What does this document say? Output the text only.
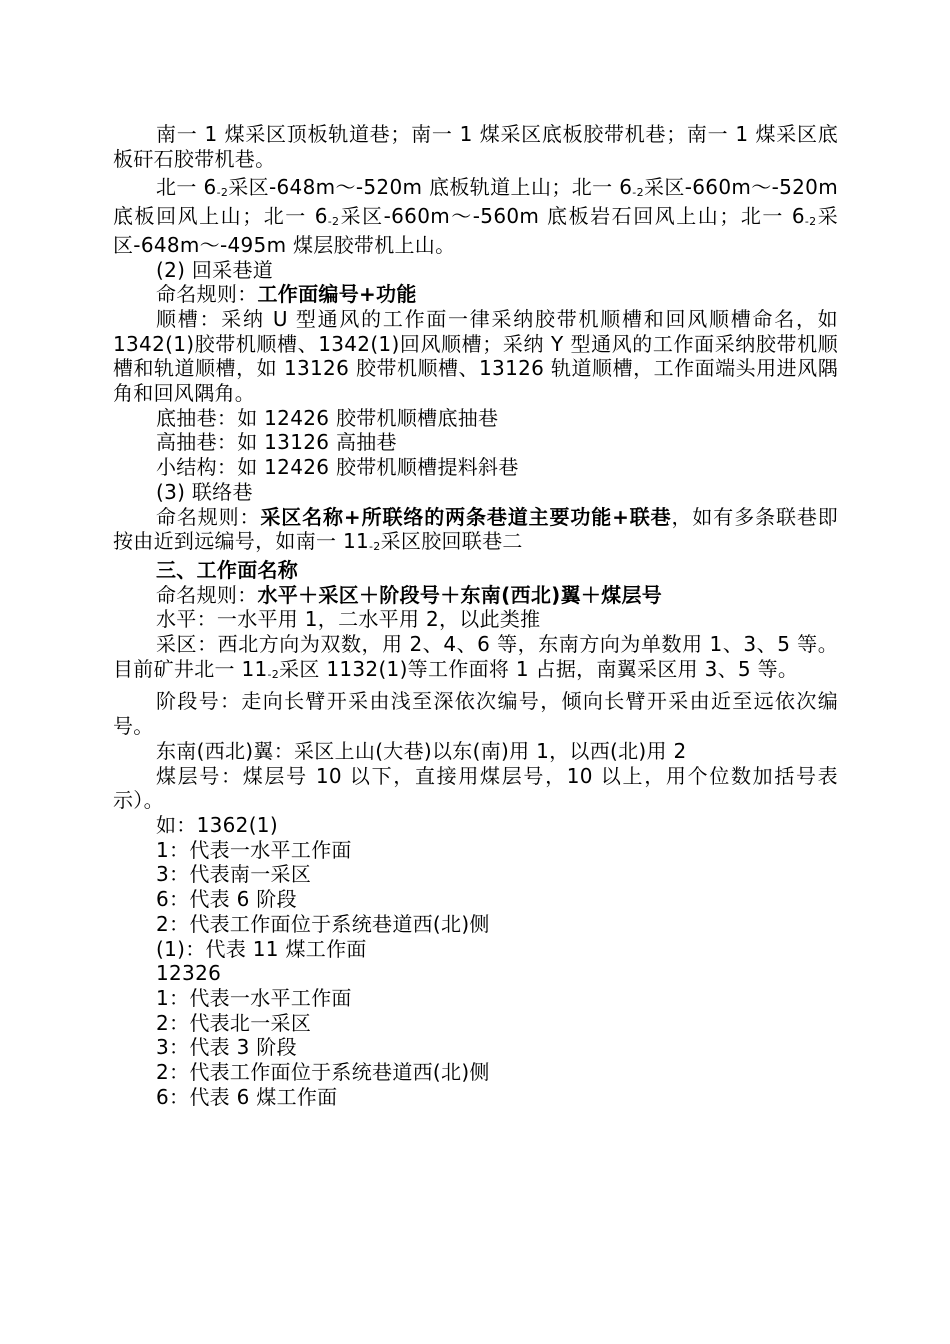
南一 1 煤采区顶板轨道巷；南一 1 煤采区底板胶带机巷；南一 1 煤采区底板矸石胶带机巷。

北一 $6_{-2}$采区-648m～-520m 底板轨道上山；北一 $6_{-2}$采区-660m～-520m 底板回风上山；北一 $6_{-2}$采区-660m～-560m 底板岩石回风上山；北一 $6_{-2}$采区-648m～-495m 煤层胶带机上山。

(2) 回采巷道

命名规则：工作面编号+功能

顺槽：采纳 U 型通风的工作面一律采纳胶带机顺槽和回风顺槽命名，如 1342(1)胶带机顺槽、1342(1)回风顺槽；采纳 Y 型通风的工作面采纳胶带机顺槽和轨道顺槽，如 13126 胶带机顺槽、13126 轨道顺槽，工作面端头用进风隅角和回风隅角。

底抽巷：如 12426 胶带机顺槽底抽巷

高抽巷：如 13126 高抽巷

小结构：如 12426 胶带机顺槽提料斜巷

(3) 联络巷

命名规则：采区名称+所联络的两条巷道主要功能+联巷，如有多条联巷即按由近到远编号，如南一 $11_{-2}$采区胶回联巷二

三、工作面名称

命名规则：水平＋采区＋阶段号＋东南(西北)翼＋煤层号

水平：一水平用 1，二水平用 2，以此类推

采区：西北方向为双数，用 2、4、6 等，东南方向为单数用 1、3、5 等。目前矿井北一 $11_{-2}$采区 1132(1)等工作面将 1 占据，南翼采区用 3、5 等。

阶段号：走向长臂开采由浅至深依次编号，倾向长臂开采由近至远依次编号。

东南(西北)翼：采区上山(大巷)以东(南)用 1，以西(北)用 2

煤层号：煤层号 10 以下，直接用煤层号，10 以上，用个位数加括号表示）。

如：1362(1)

1：代表一水平工作面

3：代表南一采区

6：代表 6 阶段

2：代表工作面位于系统巷道西(北)侧

(1)：代表 11 煤工作面

12326

1：代表一水平工作面

2：代表北一采区

3：代表 3 阶段

2：代表工作面位于系统巷道西(北)侧

6：代表 6 煤工作面
